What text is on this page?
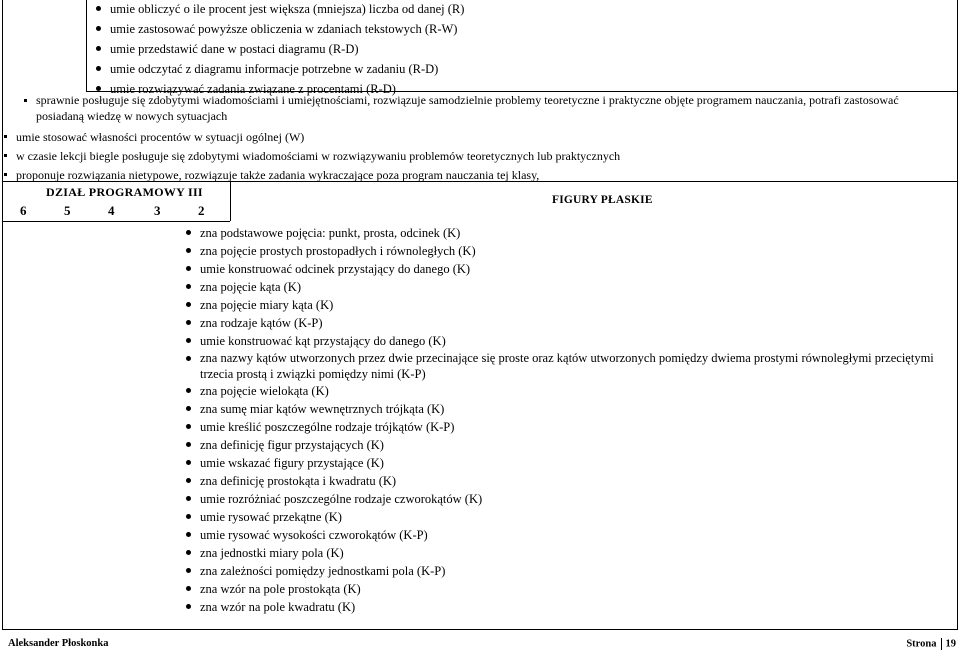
umie obliczyć o ile procent jest większa (mniejsza) liczba od danej (R)
umie zastosować powyższe obliczenia w zdaniach tekstowych (R-W)
umie przedstawić dane w postaci diagramu (R-D)
umie odczytać z diagramu informacje potrzebne w zadaniu (R-D)
umie rozwiązywać zadania związane z procentami (R-D)
sprawnie posługuje się zdobytymi wiadomościami i umiejętnościami, rozwiązuje samodzielnie problemy teoretyczne i praktyczne objęte programem nauczania, potrafi zastosować posiadaną wiedzę w nowych sytuacjach
umie stosować własności procentów w sytuacji ogólnej (W)
w czasie lekcji biegle posługuje się zdobytymi wiadomościami w rozwiązywaniu problemów teoretycznych lub praktycznych
proponuje rozwiązania nietypowe, rozwiązuje także zadania wykraczające poza program nauczania tej klasy,
DZIAŁ PROGRAMOWY III
6	5	4	3	2
FIGURY PŁASKIE
zna podstawowe pojęcia: punkt, prosta, odcinek (K)
zna pojęcie prostych prostopadłych i równoległych (K)
umie konstruować odcinek przystający do danego (K)
zna pojęcie kąta (K)
zna pojęcie miary kąta (K)
zna rodzaje kątów (K-P)
umie konstruować kąt przystający do danego (K)
zna nazwy kątów utworzonych przez dwie przecinające się proste oraz kątów utworzonych pomiędzy dwiema prostymi równoległymi przeciętymi trzecia prostą i związki pomiędzy nimi (K-P)
zna pojęcie wielokąta (K)
zna sumę miar kątów wewnętrznych trójkąta (K)
umie kreślić poszczególne rodzaje trójkątów (K-P)
zna definicję figur przystających (K)
umie wskazać figury przystające (K)
zna definicję prostokąta i kwadratu (K)
umie rozróżniać poszczególne rodzaje czworokątów (K)
umie rysować przekątne (K)
umie rysować wysokości czworokątów (K-P)
zna jednostki miary pola (K)
zna zależności pomiędzy jednostkami pola (K-P)
zna wzór na pole prostokąta (K)
zna wzór na pole kwadratu (K)
Aleksander Płoskonka	Strona 19
